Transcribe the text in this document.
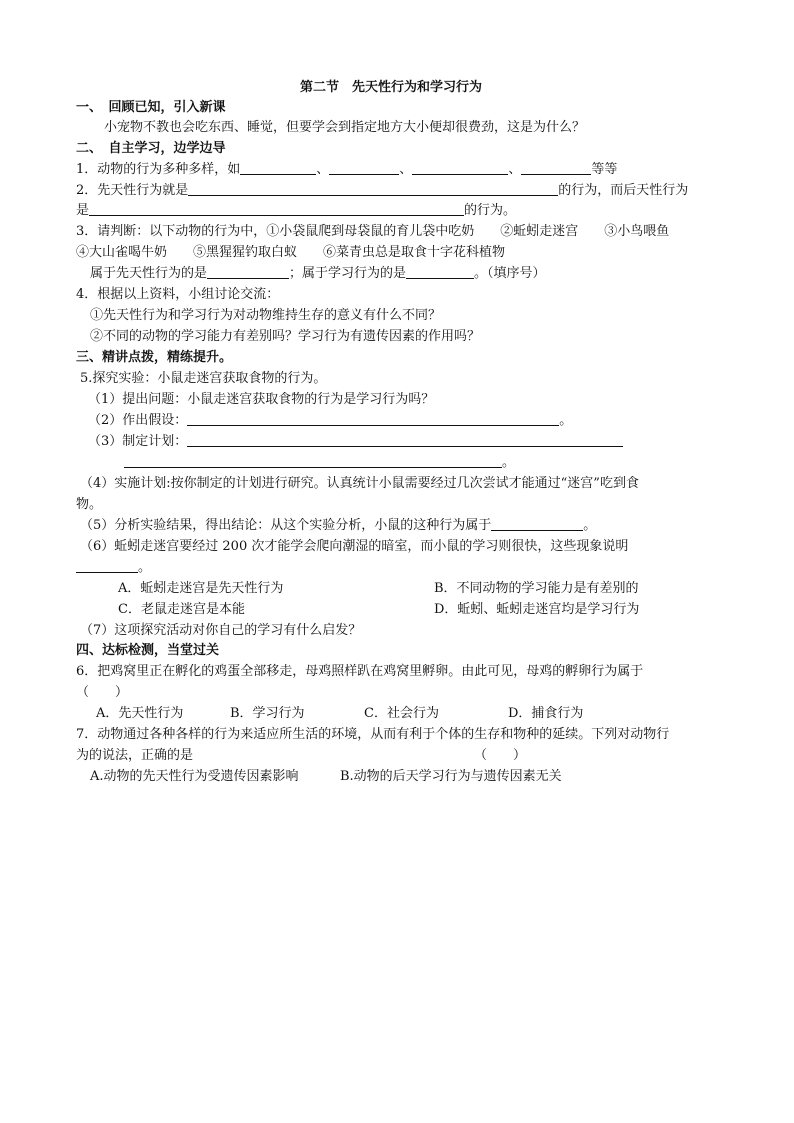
第二节　先天性行为和学习行为
一、　回顾已知，引入新课
小宠物不教也会吃东西、睡觉，但要学会到指定地方大小便却很费劲，这是为什么？
二、　自主学习，边学边导
1．动物的行为多种多样，如	、	、	、	等等
2．先天性行为就是	的行为，而后天性行为
是	的行为。
3．请判断：以下动物的行为中，①小袋鼠爬到母袋鼠的育儿袋中吃奶　　②蚯蚓走迷宫　　③小鸟喂鱼
④大山雀喝牛奶　　⑤黑猩猩钓取白蚁　　⑥菜青虫总是取食十字花科植物
属于先天性行为的是	；属于学习行为的是	。（填序号）
4．根据以上资料，小组讨论交流：
①先天性行为和学习行为对动物维持生存的意义有什么不同？
②不同的动物的学习能力有差别吗？学习行为有遗传因素的作用吗？
三、精讲点拨，精练提升。
5.探究实验：小鼠走迷宫获取食物的行为。
（1）提出问题：小鼠走迷宫获取食物的行为是学习行为吗？
（2）作出假设：	。
（3）制定计划：
。
（4）实施计划:按你制定的计划进行研究。认真统计小鼠需要经过几次尝试才能通过“迷宫”吃到食
物。
（5）分析实验结果，得出结论：从这个实验分析，小鼠的这种行为属于	。
（6）蚯蚓走迷宫要经过 200 次才能学会爬向潮湿的暗室，而小鼠的学习则很快，这些现象说明
。
A．蚯蚓走迷宫是先天性行为	B．不同动物的学习能力是有差别的
C．老鼠走迷宫是本能	D．蚯蚓、蚯蚓走迷宫均是学习行为
（7）这项探究活动对你自己的学习有什么启发？
四、达标检测，当堂过关
6．把鸡窝里正在孵化的鸡蛋全部移走，母鸡照样趴在鸡窝里孵卵。由此可见，母鸡的孵卵行为属于
（　　）
A．先天性行为	B．学习行为	C．社会行为	D．捕食行为
7．动物通过各种各样的行为来适应所生活的环境，从而有利于个体的生存和物种的延续。下列对动物行
为的说法，正确的是	（　　）
A.动物的先天性行为受遗传因素影响	B.动物的后天学习行为与遗传因素无关
